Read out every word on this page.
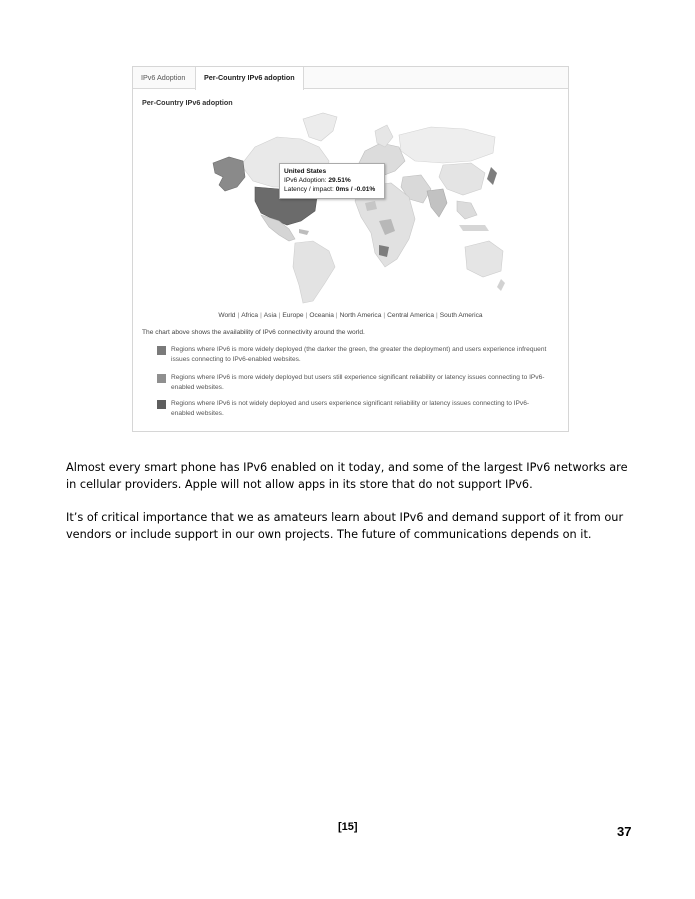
IPv6 Adoption	Per-Country IPv6 adoption
Per-Country IPv6 adoption
United States
IPv6 Adoption: 29.51%
Latency / impact: 0ms / -0.01%
World | Africa | Asia | Europe | Oceania | North America | Central America | South America
The chart above shows the availability of IPv6 connectivity around the world.
Regions where IPv6 is more widely deployed (the darker the green, the greater the deployment) and users experience infrequent issues connecting to IPv6-enabled websites.
Regions where IPv6 is more widely deployed but users still experience significant reliability or latency issues connecting to IPv6-enabled websites.
Regions where IPv6 is not widely deployed and users experience significant reliability or latency issues connecting to IPv6-enabled websites.

Almost every smart phone has IPv6 enabled on it today, and some of the largest IPv6 networks are in cellular providers. Apple will not allow apps in its store that do not support IPv6.

It’s of critical importance that we as amateurs learn about IPv6 and demand support of it from our vendors or include support in our own projects. The future of communications depends on it.

[15]	37
